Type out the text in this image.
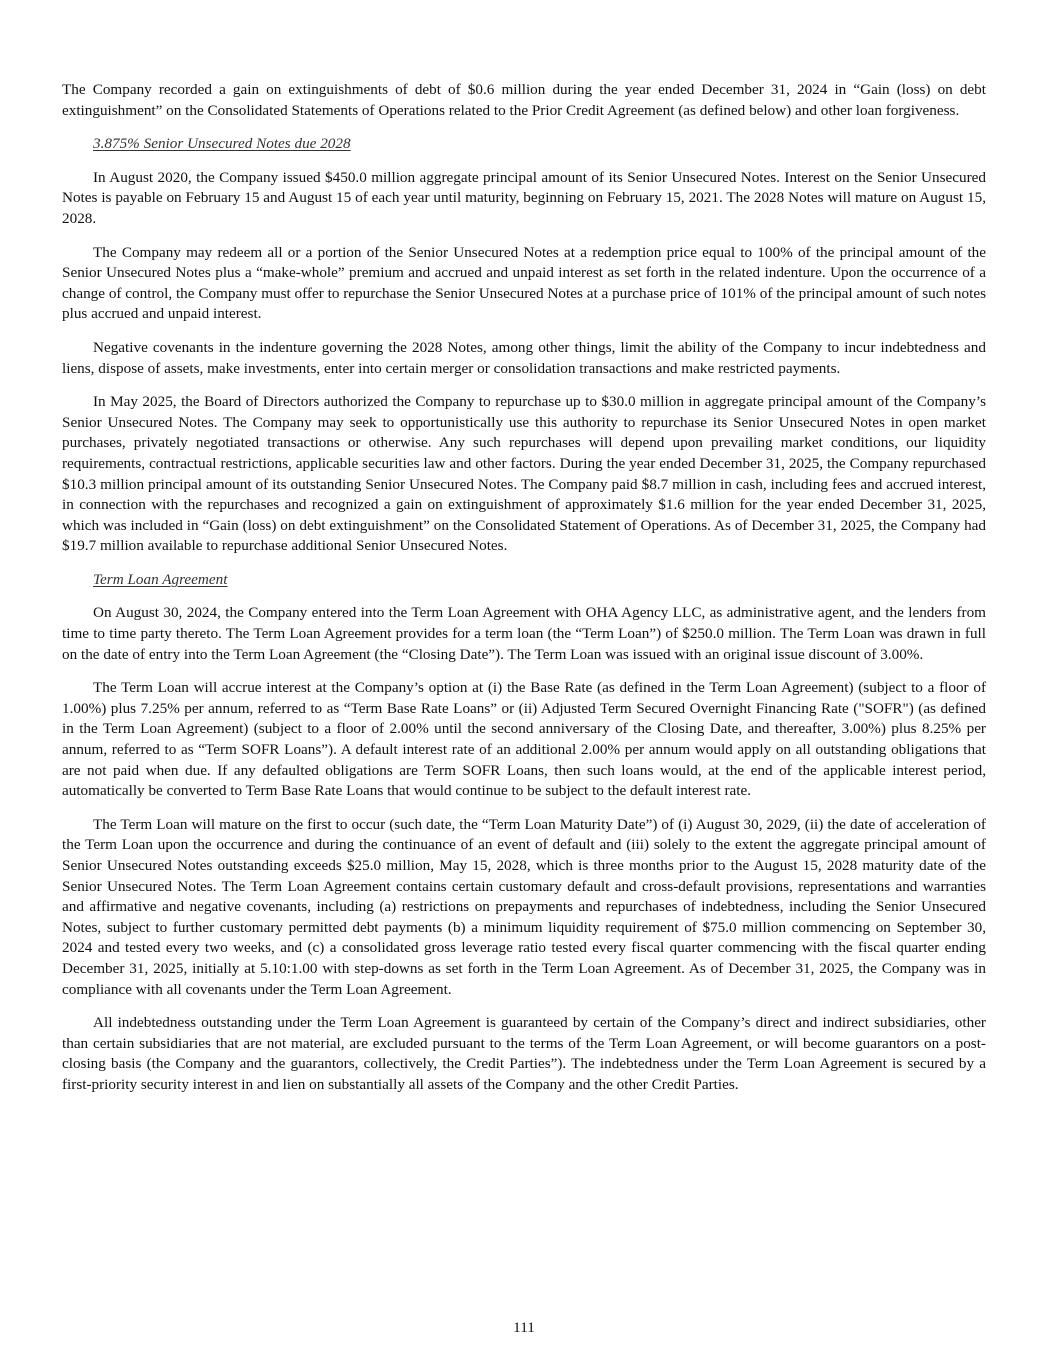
The Company recorded a gain on extinguishments of debt of $0.6 million during the year ended December 31, 2024 in “Gain (loss) on debt extinguishment” on the Consolidated Statements of Operations related to the Prior Credit Agreement (as defined below) and other loan forgiveness.

3.875% Senior Unsecured Notes due 2028

In August 2020, the Company issued $450.0 million aggregate principal amount of its Senior Unsecured Notes. Interest on the Senior Unsecured Notes is payable on February 15 and August 15 of each year until maturity, beginning on February 15, 2021. The 2028 Notes will mature on August 15, 2028.

The Company may redeem all or a portion of the Senior Unsecured Notes at a redemption price equal to 100% of the principal amount of the Senior Unsecured Notes plus a “make-whole” premium and accrued and unpaid interest as set forth in the related indenture. Upon the occurrence of a change of control, the Company must offer to repurchase the Senior Unsecured Notes at a purchase price of 101% of the principal amount of such notes plus accrued and unpaid interest.

Negative covenants in the indenture governing the 2028 Notes, among other things, limit the ability of the Company to incur indebtedness and liens, dispose of assets, make investments, enter into certain merger or consolidation transactions and make restricted payments.

In May 2025, the Board of Directors authorized the Company to repurchase up to $30.0 million in aggregate principal amount of the Company’s Senior Unsecured Notes. The Company may seek to opportunistically use this authority to repurchase its Senior Unsecured Notes in open market purchases, privately negotiated transactions or otherwise. Any such repurchases will depend upon prevailing market conditions, our liquidity requirements, contractual restrictions, applicable securities law and other factors. During the year ended December 31, 2025, the Company repurchased $10.3 million principal amount of its outstanding Senior Unsecured Notes. The Company paid $8.7 million in cash, including fees and accrued interest, in connection with the repurchases and recognized a gain on extinguishment of approximately $1.6 million for the year ended December 31, 2025, which was included in “Gain (loss) on debt extinguishment” on the Consolidated Statement of Operations. As of December 31, 2025, the Company had $19.7 million available to repurchase additional Senior Unsecured Notes.

Term Loan Agreement

On August 30, 2024, the Company entered into the Term Loan Agreement with OHA Agency LLC, as administrative agent, and the lenders from time to time party thereto. The Term Loan Agreement provides for a term loan (the “Term Loan”) of $250.0 million. The Term Loan was drawn in full on the date of entry into the Term Loan Agreement (the “Closing Date”). The Term Loan was issued with an original issue discount of 3.00%.

The Term Loan will accrue interest at the Company’s option at (i) the Base Rate (as defined in the Term Loan Agreement) (subject to a floor of 1.00%) plus 7.25% per annum, referred to as “Term Base Rate Loans” or (ii) Adjusted Term Secured Overnight Financing Rate ("SOFR") (as defined in the Term Loan Agreement) (subject to a floor of 2.00% until the second anniversary of the Closing Date, and thereafter, 3.00%) plus 8.25% per annum, referred to as “Term SOFR Loans”). A default interest rate of an additional 2.00% per annum would apply on all outstanding obligations that are not paid when due. If any defaulted obligations are Term SOFR Loans, then such loans would, at the end of the applicable interest period, automatically be converted to Term Base Rate Loans that would continue to be subject to the default interest rate.

The Term Loan will mature on the first to occur (such date, the “Term Loan Maturity Date”) of (i) August 30, 2029, (ii) the date of acceleration of the Term Loan upon the occurrence and during the continuance of an event of default and (iii) solely to the extent the aggregate principal amount of Senior Unsecured Notes outstanding exceeds $25.0 million, May 15, 2028, which is three months prior to the August 15, 2028 maturity date of the Senior Unsecured Notes. The Term Loan Agreement contains certain customary default and cross-default provisions, representations and warranties and affirmative and negative covenants, including (a) restrictions on prepayments and repurchases of indebtedness, including the Senior Unsecured Notes, subject to further customary permitted debt payments (b) a minimum liquidity requirement of $75.0 million commencing on September 30, 2024 and tested every two weeks, and (c) a consolidated gross leverage ratio tested every fiscal quarter commencing with the fiscal quarter ending December 31, 2025, initially at 5.10:1.00 with step-downs as set forth in the Term Loan Agreement. As of December 31, 2025, the Company was in compliance with all covenants under the Term Loan Agreement.

All indebtedness outstanding under the Term Loan Agreement is guaranteed by certain of the Company’s direct and indirect subsidiaries, other than certain subsidiaries that are not material, are excluded pursuant to the terms of the Term Loan Agreement, or will become guarantors on a post-closing basis (the Company and the guarantors, collectively, the Credit Parties”). The indebtedness under the Term Loan Agreement is secured by a first-priority security interest in and lien on substantially all assets of the Company and the other Credit Parties.

111
